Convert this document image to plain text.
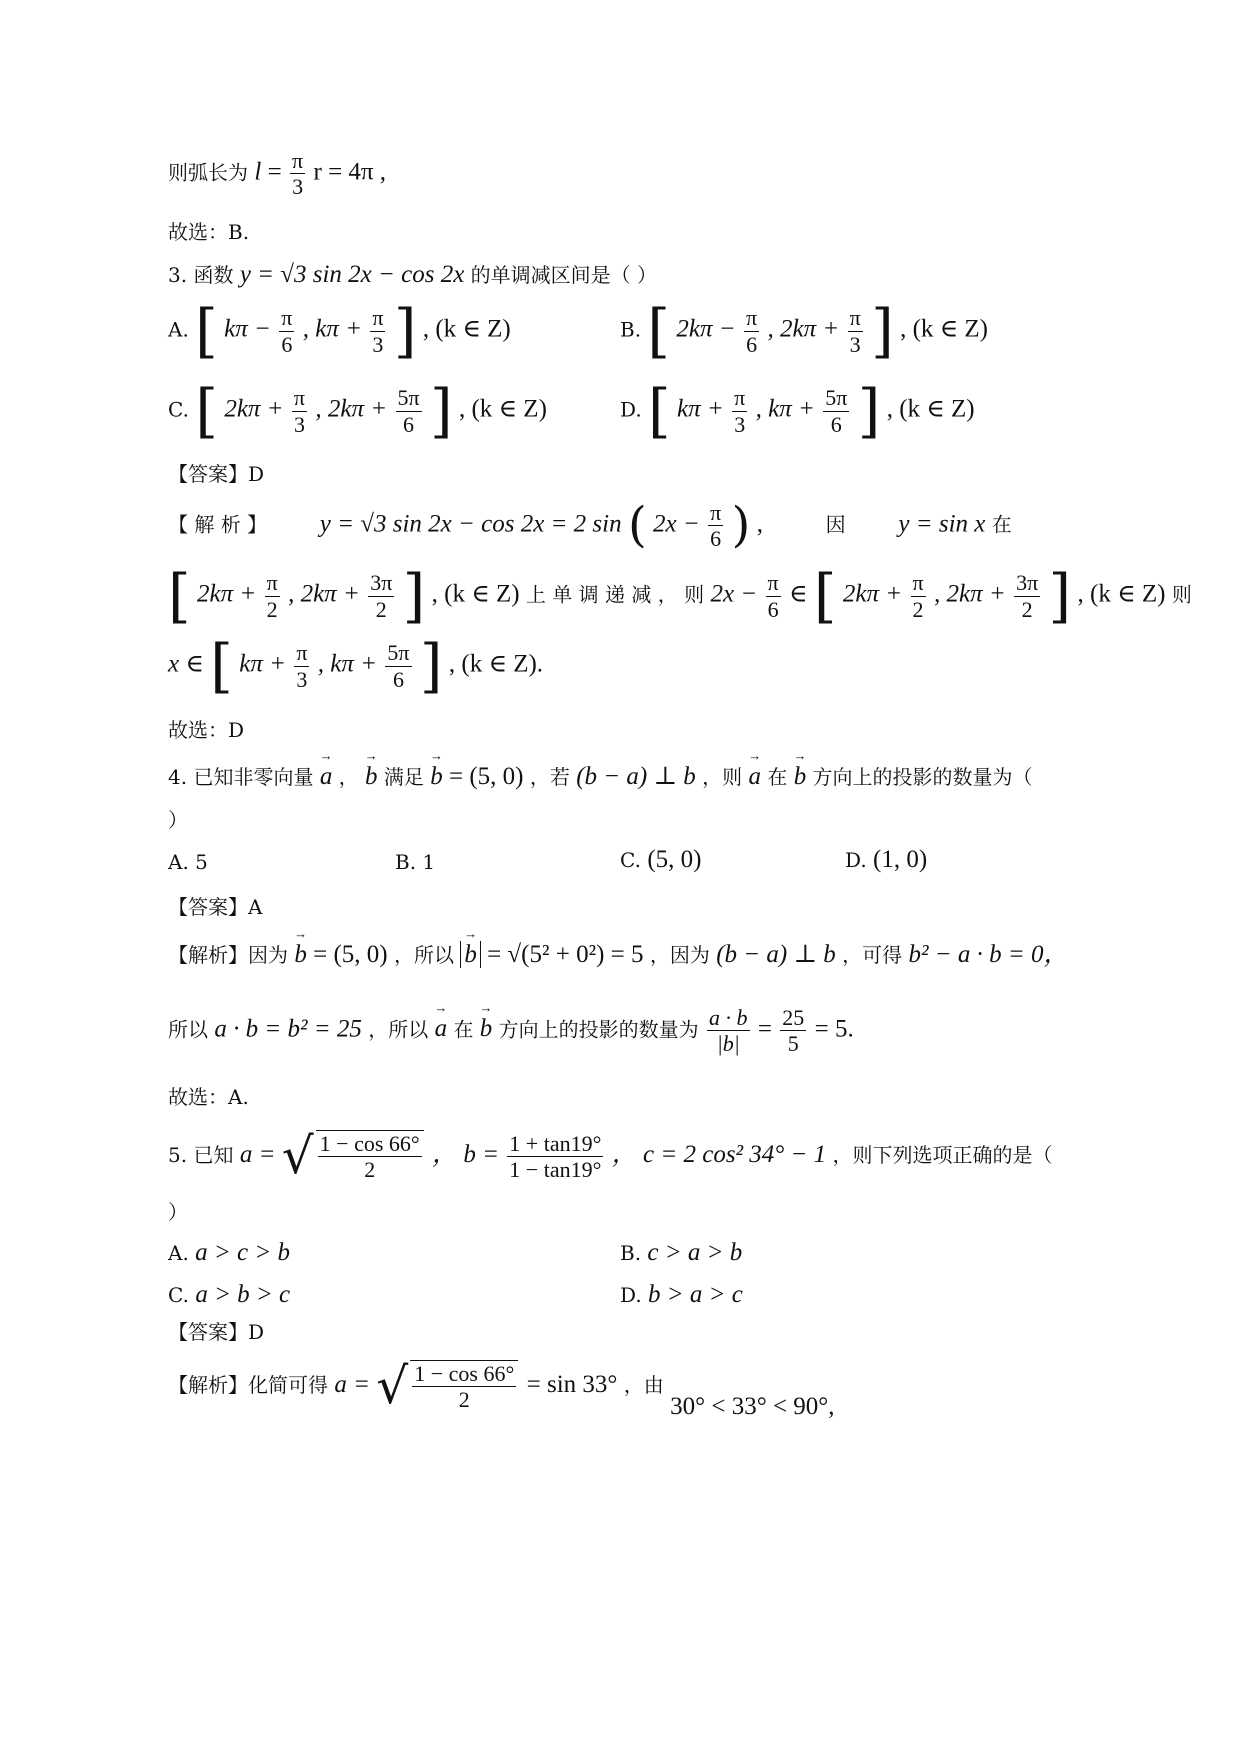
则弧长为 $l = \frac{\pi}{3}$ r = 4π ,
故选：B.
3. 函数 y = √3 sin 2x − cos 2x 的单调减区间是（ ）
A. [ $k\pi - \frac{\pi}{6}$ , $k\pi + \frac{\pi}{3}$ ] , (k ∈ Z)	B. [ $2k\pi - \frac{\pi}{6}$ , $2k\pi + \frac{\pi}{3}$ ] , (k ∈ Z)
C. [ $2k\pi + \frac{\pi}{3}$ , $2k\pi + \frac{5\pi}{6}$ ] , (k ∈ Z)	D. [ $k\pi + \frac{\pi}{3}$ , $k\pi + \frac{5\pi}{6}$ ] , (k ∈ Z)
【答案】D
【 解 析 】 y = √3 sin 2x − cos 2x = 2 sin ( $2x - \frac{\pi}{6}$ ) ,	因 y = sin x 在
[ $2k\pi + \frac{\pi}{2}$ , $2k\pi + \frac{3\pi}{2}$ ] , (k ∈ Z) 上 单 调 递 减 ， 则 $2x - \frac{\pi}{6}$ ∈ [ $2k\pi + \frac{\pi}{2}$ , $2k\pi + \frac{3\pi}{2}$ ] , (k ∈ Z) 则
x ∈ [ $k\pi + \frac{\pi}{3}$ , $k\pi + \frac{5\pi}{6}$ ] , (k ∈ Z).
故选：D
4. 已知非零向量 → a ， → b 满足 → b = (5, 0) ，若 (b − a) ⊥ b ，则 → a 在 → b 方向上的投影的数量为（
）
A. 5	B. 1	C. (5, 0)	D. (1, 0)
【答案】A
【解析】因为 → b = (5, 0) ，所以 → b = √(5² + 0²) = 5 ，因为 (b − a) ⊥ b ，可得 b² − a · b = 0，
所以 a · b = b² = 25 ，所以 → a 在 → b 方向上的投影的数量为 $\frac{a \cdot b}{|b|} = \frac{25}{5} = 5$.
故选：A.
5. 已知 a = √ $\frac{1 - \cos 66^\circ}{2}$ ， $b = \frac{1 + \tan 19^\circ}{1 - \tan 19^\circ}$ ， c = 2 cos² 34° − 1 ，则下列选项正确的是（
）
A. a > c > b	B. c > a > b
C. a > b > c	D. b > a > c
【答案】D
【解析】化简可得 a = √ $\frac{1 - \cos 66^\circ}{2} = \sin 33^\circ$ ，由 30° < 33° < 90°,
